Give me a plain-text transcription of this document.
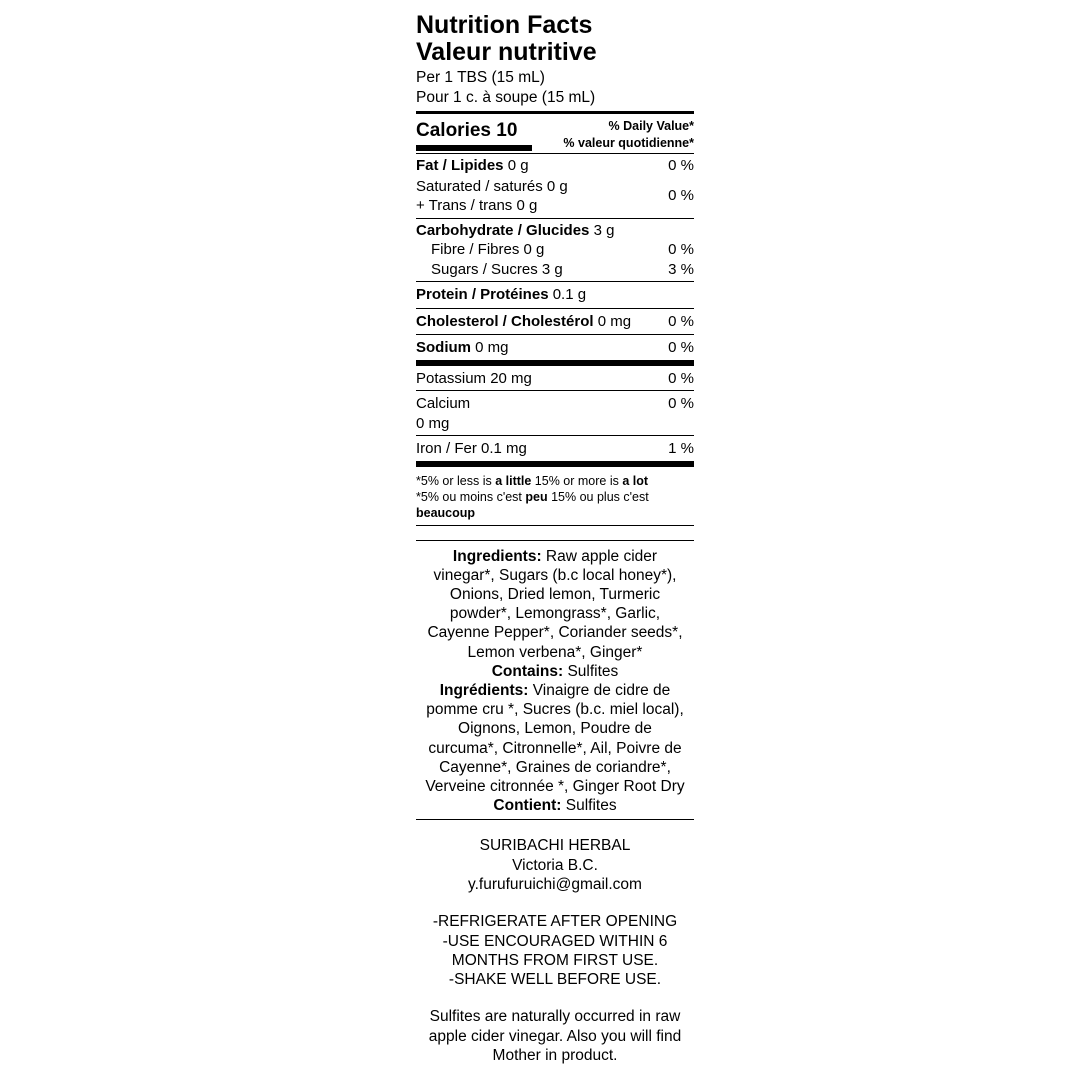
Nutrition Facts
Valeur nutritive
Per 1 TBS (15 mL)
Pour 1 c. à soupe (15 mL)
Calories 10	% Daily Value*
% valeur quotidienne*
Fat / Lipides 0 g	0 %
Saturated / saturés 0 g
+ Trans / trans 0 g
0 %
Carbohydrate / Glucides 3 g
Fibre / Fibres 0 g	0 %
Sugars / Sucres 3 g	3 %
Protein / Protéines 0.1 g
Cholesterol / Cholestérol 0 mg 0 %
Sodium 0 mg	0 %
Potassium 20 mg	0 %
Calcium
0 mg
0 %
Iron / Fer 0.1 mg	1 %
*5% or less is a little 15% or more is a lot
*5% ou moins c'est peu 15% ou plus c'est
beaucoup
Ingredients: Raw apple cider
vinegar*, Sugars (b.c local honey*),
Onions, Dried lemon, Turmeric
powder*, Lemongrass*, Garlic,
Cayenne Pepper*, Coriander seeds*,
Lemon verbena*, Ginger*
Contains: Sulfites
Ingrédients: Vinaigre de cidre de
pomme cru *, Sucres (b.c. miel local),
Oignons, Lemon, Poudre de
curcuma*, Citronnelle*, Ail, Poivre de
Cayenne*, Graines de coriandre*,
Verveine citronnée *, Ginger Root Dry
Contient: Sulfites
SURIBACHI HERBAL
Victoria B.C.
y.furufuruichi@gmail.com
-REFRIGERATE AFTER OPENING
-USE ENCOURAGED WITHIN 6
MONTHS FROM FIRST USE.
-SHAKE WELL BEFORE USE.
Sulfites are naturally occurred in raw
apple cider vinegar. Also you will find
Mother in product.
